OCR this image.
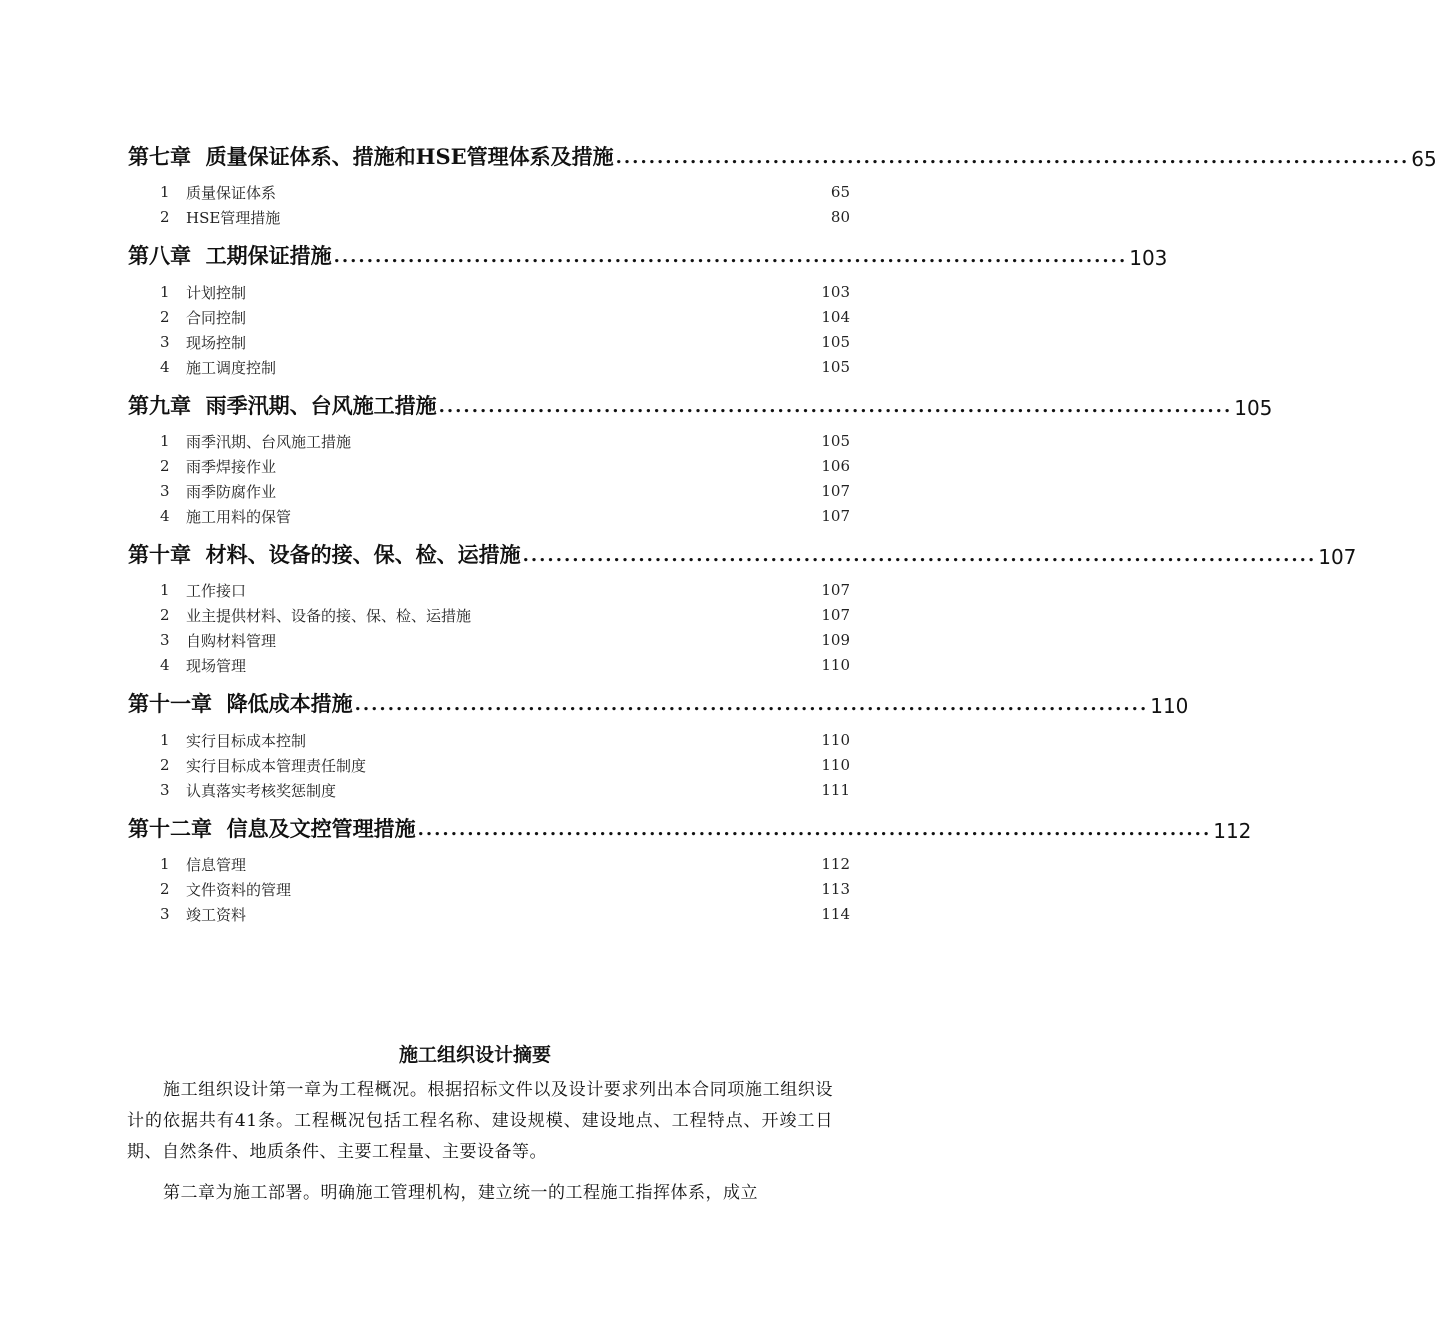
第七章 质量保证体系、措施和HSE管理体系及措施 ................................................................................................ 65
1	质量保证体系	65
2	HSE管理措施	80
第八章 工期保证措施 ................................................................................................ 103
1	计划控制	103
2	合同控制	104
3	现场控制	105
4	施工调度控制	105
第九章 雨季汛期、台风施工措施 ................................................................................................ 105
1	雨季汛期、台风施工措施	105
2	雨季焊接作业	106
3	雨季防腐作业	107
4	施工用料的保管	107
第十章 材料、设备的接、保、检、运措施 ................................................................................................ 107
1	工作接口	107
2	业主提供材料、设备的接、保、检、运措施	107
3	自购材料管理	109
4	现场管理	110
第十一章 降低成本措施 ................................................................................................ 110
1	实行目标成本控制	110
2	实行目标成本管理责任制度	110
3	认真落实考核奖惩制度	111
第十二章 信息及文控管理措施 ................................................................................................ 112
1	信息管理	112
2	文件资料的管理	113
3	竣工资料	114
施工组织设计摘要

施工组织设计第一章为工程概况。根据招标文件以及设计要求列出本合同项施工组织设计的依据共有41条。工程概况包括工程名称、建设规模、建设地点、工程特点、开竣工日期、自然条件、地质条件、主要工程量、主要设备等。

第二章为施工部署。明确施工管理机构，建立统一的工程施工指挥体系，成立
